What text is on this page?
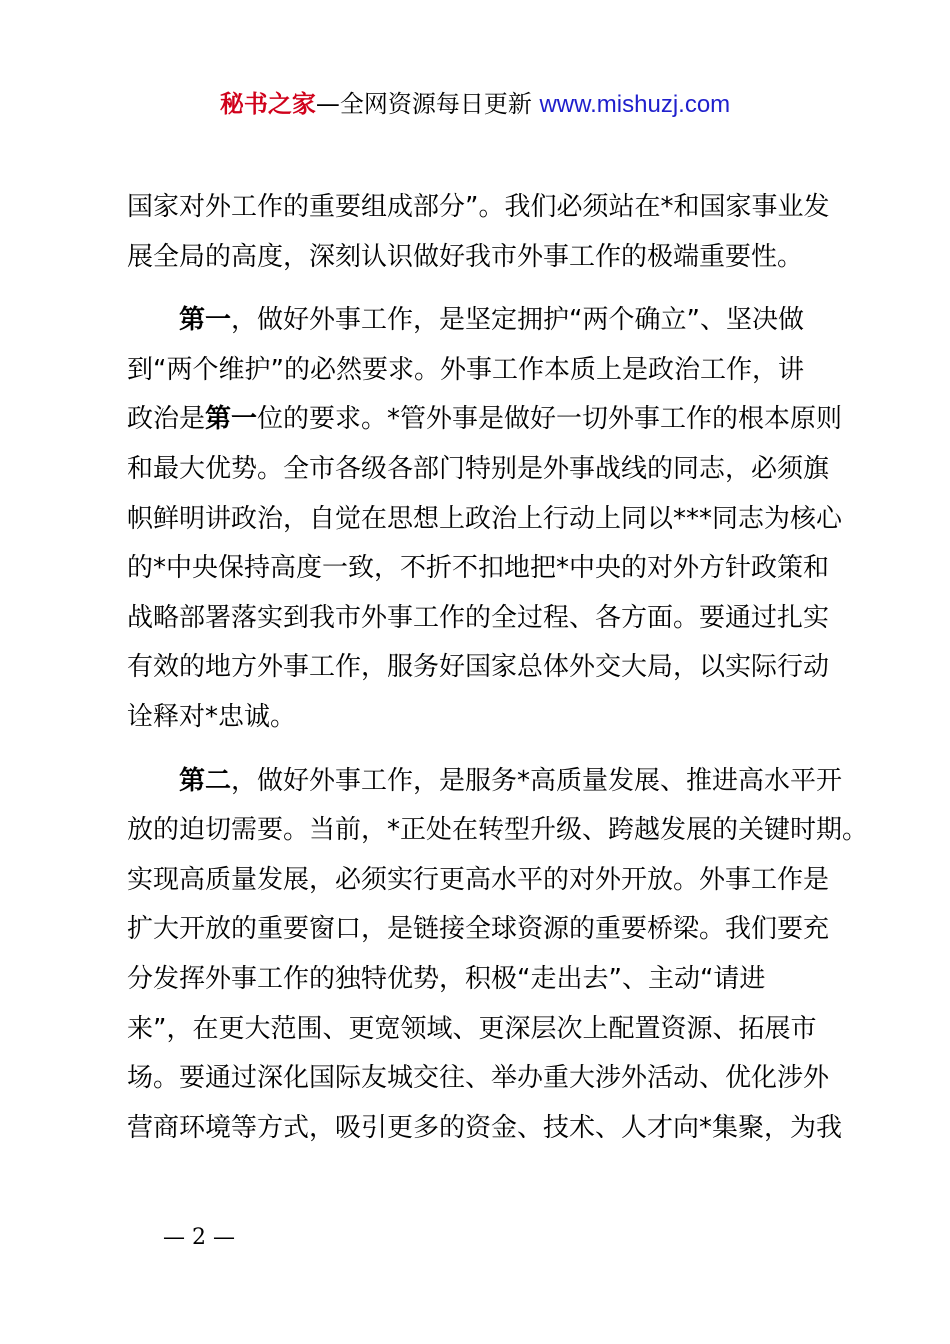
秘书之家—全网资源每日更新 www.mishuzj.com
国家对外工作的重要组成部分”。我们必须站在*和国家事业发
展全局的高度，深刻认识做好我市外事工作的极端重要性。
第一，做好外事工作，是坚定拥护“两个确立”、坚决做
到“两个维护”的必然要求。外事工作本质上是政治工作，讲
政治是第一位的要求。*管外事是做好一切外事工作的根本原则
和最大优势。全市各级各部门特别是外事战线的同志，必须旗
帜鲜明讲政治，自觉在思想上政治上行动上同以***同志为核心
的*中央保持高度一致，不折不扣地把*中央的对外方针政策和
战略部署落实到我市外事工作的全过程、各方面。要通过扎实
有效的地方外事工作，服务好国家总体外交大局，以实际行动
诠释对*忠诚。
第二，做好外事工作，是服务*高质量发展、推进高水平开
放的迫切需要。当前，*正处在转型升级、跨越发展的关键时期。
实现高质量发展，必须实行更高水平的对外开放。外事工作是
扩大开放的重要窗口，是链接全球资源的重要桥梁。我们要充
分发挥外事工作的独特优势，积极“走出去”、主动“请进
来”，在更大范围、更宽领域、更深层次上配置资源、拓展市
场。要通过深化国际友城交往、举办重大涉外活动、优化涉外
营商环境等方式，吸引更多的资金、技术、人才向*集聚，为我
— 2 —
